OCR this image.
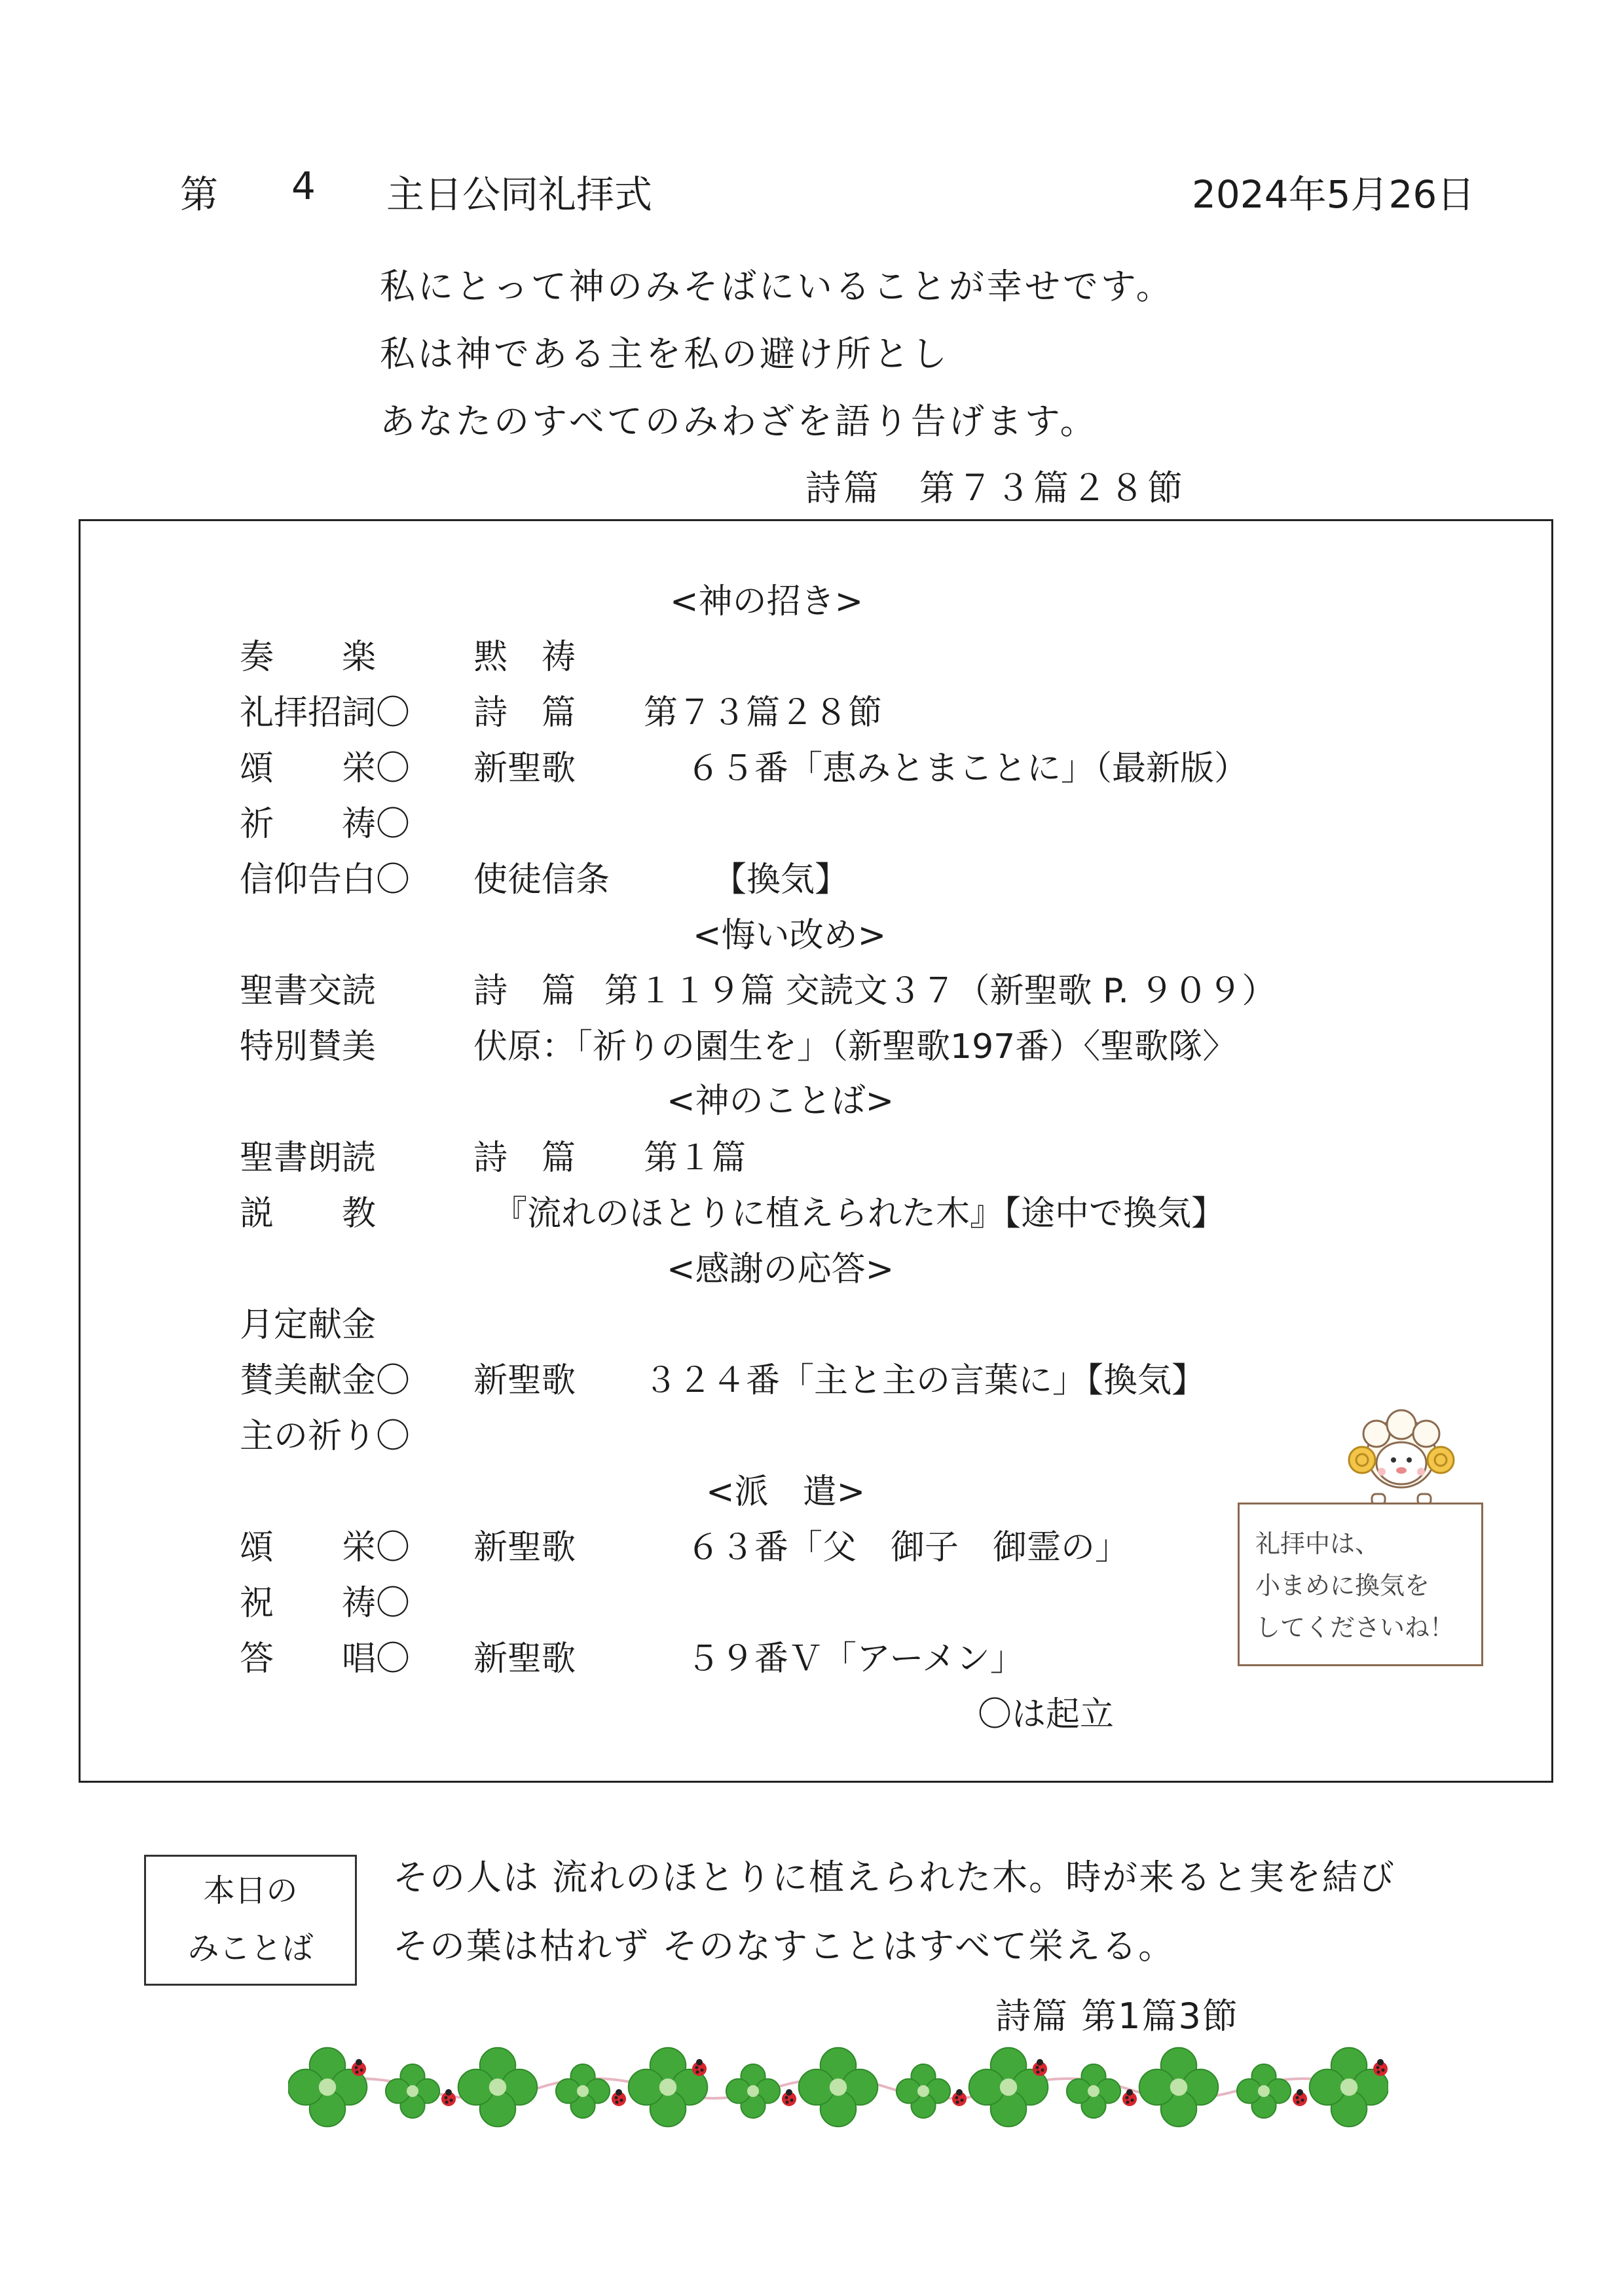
第 4 主日公同礼拝式	2024年5月26日
私にとって神のみそばにいることが幸せです。
私は神である主を私の避け所とし
あなたのすべてのみわざを語り告げます。
詩篇　第７３篇２８節
<神の招き>
奏　　楽	黙　祷
礼拝招詞〇 詩　篇 第７３篇２８節
頌　　栄〇 新聖歌	６５番「恵みとまことに」（最新版）
祈　　祷〇
信仰告白〇 使徒信条	【換気】
<悔い改め>
聖書交読	詩　篇 第１１９篇 交読文３７（新聖歌 P. ９０９）
特別賛美	伏原：「祈りの園生を」（新聖歌197番）〈聖歌隊〉
<神のことば>
聖書朗読	詩　篇 第１篇
説　　教	『流れのほとりに植えられた木』【途中で換気】
<感謝の応答>
月定献金
賛美献金〇 新聖歌 ３２４番「主と主の言葉に」【換気】
主の祈り〇
<派　遣>
頌　　栄〇 新聖歌	６３番「父　御子　御霊の」
祝　　祷〇
答　　唱〇 新聖歌	５９番Ｖ「アーメン」
〇は起立
礼拝中は、
小まめに換気を
してくださいね！
本日の
みことば
その人は 流れのほとりに植えられた木。時が来ると実を結び
その葉は枯れず そのなすことはすべて栄える。
詩篇 第1篇3節
